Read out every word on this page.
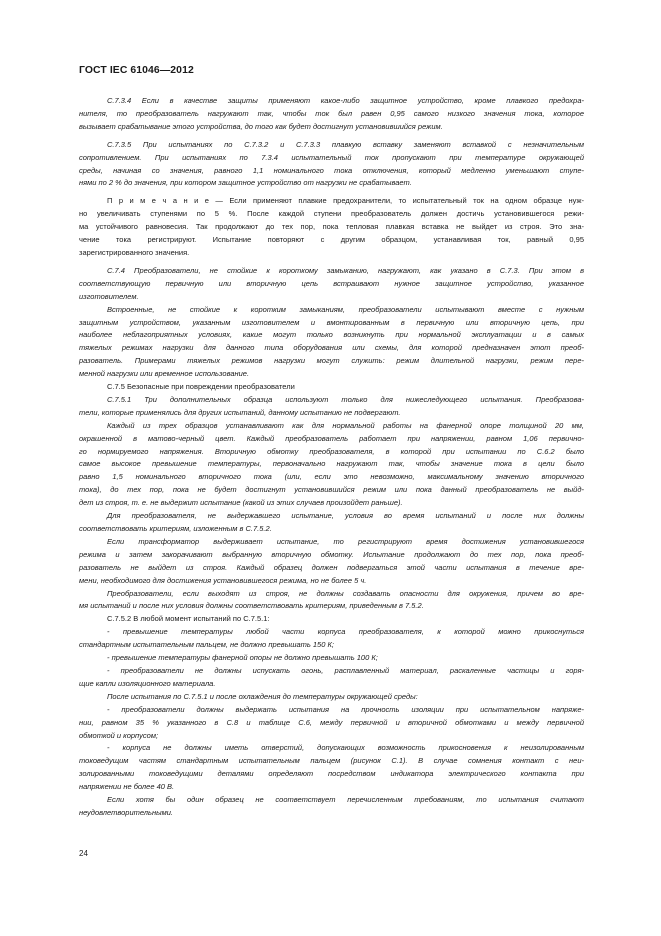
ГОСТ IEC 61046—2012
C.7.3.4 Если в качестве защиты применяют какое-либо защитное устройство, кроме плавкого предохра-
нителя, то преобразователь нагружают так, чтобы ток был равен 0,95 самого низкого значения тока, которое
вызывает срабатывание этого устройства, до того как будет достигнут установившийся режим.
C.7.3.5 При испытаниях по С.7.3.2 и С.7.3.3 плавкую вставку заменяют вставкой с незначительным
сопротивлением. При испытаниях по 7.3.4 испытательный ток пропускают при температуре окружающей
среды, начиная со значения, равного 1,1 номинального тока отключения, который медленно уменьшают ступе-
нями по 2 % до значения, при котором защитное устройство от нагрузки не срабатывает.
П р и м е ч а н и е — Если применяют плавкие предохранители, то испытательный ток на одном образце нуж-
но увеличивать ступенями по 5 %. После каждой ступени преобразователь должен достичь установившегося режи-
ма устойчивого равновесия. Так продолжают до тех пор, пока тепловая плавкая вставка не выйдет из строя. Это зна-
чение тока регистрируют. Испытание повторяют с другим образцом, устанавливая ток, равный 0,95
зарегистрированного значения.
C.7.4 Преобразователи, не стойкие к короткому замыканию, нагружают, как указано в С.7.3. При этом в
соответствующую первичную или вторичную цепь встраивают нужное защитное устройство, указанное
изготовителем.
Встроенные, не стойкие к коротким замыканиям, преобразователи испытывают вместе с нужным
защитным устройством, указанным изготовителем и вмонтированным в первичную или вторичную цепь, при
наиболее неблагоприятных условиях, какие могут только возникнуть при нормальной эксплуатации и в самых
тяжелых режимах нагрузки для данного типа оборудования или схемы, для которой предназначен этот преоб-
разователь. Примерами тяжелых режимов нагрузки могут служить: режим длительной нагрузки, режим пере-
менной нагрузки или временное использование.
C.7.5 Безопасные при повреждении преобразователи
C.7.5.1 Три дополнительных образца используют только для нижеследующего испытания. Преобразова-
тели, которые применялись для других испытаний, данному испытанию не подвергают.
Каждый из трех образцов устанавливают как для нормальной работы на фанерной опоре толщиной 20 мм,
окрашенной в матово-черный цвет. Каждый преобразователь работает при напряжении, равном 1,06 первично-
го нормируемого напряжения. Вторичную обмотку преобразователя, в которой при испытании по С.6.2 было
самое высокое превышение температуры, первоначально нагружают так, чтобы значение тока в цели было
равно 1,5 номинального вторичного тока (или, если это невозможно, максимальному значению вторичного
тока), до тех пор, пока не будет достигнут установившийся режим или пока данный преобразователь не выйд-
дет из строя, т. е. не выдержит испытание (какой из этих случаев произойдет раньше).
Для преобразователя, не выдержавшего испытание, условия во время испытаний и после них должны
соответствовать критериям, изложенным в С.7.5.2.
Если трансформатор выдерживает испытание, то регистрируют время достижения установившегося
режима и затем закорачивают выбранную вторичную обмотку. Испытание продолжают до тех пор, пока преоб-
разователь не выйдет из строя. Каждый образец должен подвергаться этой части испытания в течение вре-
мени, необходимого для достижения установившегося режима, но не более 5 ч.
Преобразователи, если выходят из строя, не должны создавать опасности для окружения, причем во вре-
мя испытаний и после них условия должны соответствовать критериям, приведенным в 7.5.2.
C.7.5.2 В любой момент испытаний по С.7.5.1:
- превышение температуры любой части корпуса преобразователя, к которой можно прикоснуться
стандартным испытательным пальцем, не должно превышать 150 К;
- превышение температуры фанерной опоры не должно превышать 100 К;
- преобразователи не должны испускать огонь, расплавленный материал, раскаленные частицы и горя-
щие капли изоляционного материала.
После испытания по С.7.5.1 и после охлаждения до температуры окружающей среды:
- преобразователи должны выдержать испытания на прочность изоляции при испытательном напряже-
нии, равном 35 % указанного в С.8 и таблице С.6, между первичной и вторичной обмотками и между первичной
обмоткой и корпусом;
- корпуса не должны иметь отверстий, допускающих возможность прикосновения к неизолированным
токоведущим частям стандартным испытательным пальцем (рисунок С.1). В случае сомнения контакт с неи-
золированными токоведущими деталями определяют посредством индикатора электрического контакта при
напряжении не более 40 В.
Если хотя бы один образец не соответствует перечисленным требованиям, то испытания считают
неудовлетворительными.
24
